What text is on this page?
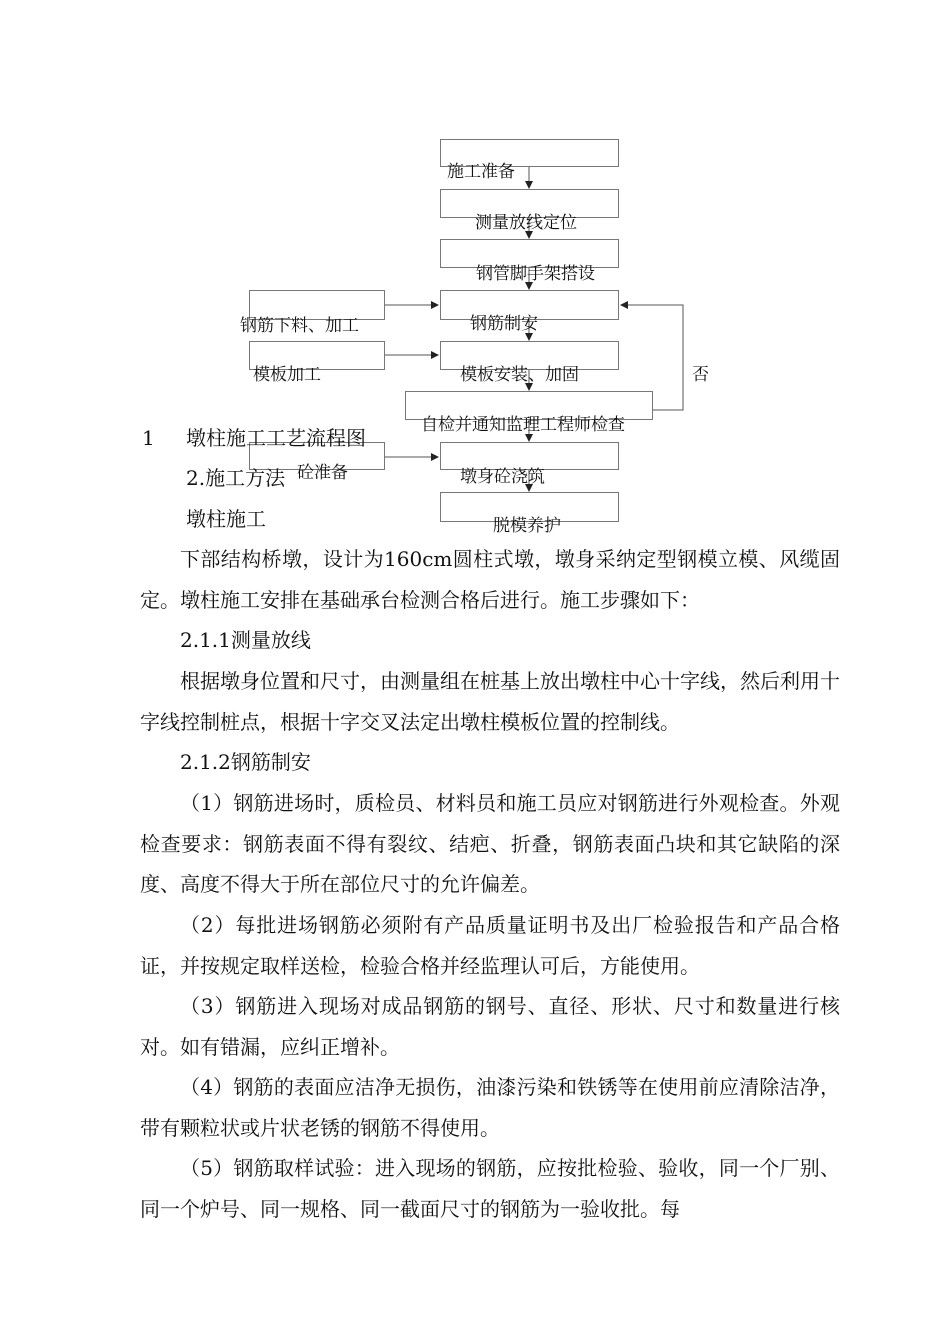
施工准备
测量放线定位
钢管脚手架搭设
钢筋制安
模板安装、加固
自检并通知监理工程师检查
墩身砼浇筑
脱模养护
钢筋下料、加工
模板加工
砼准备
否
1 墩柱施工工艺流程图
2.施工方法
墩柱施工

下部结构桥墩，设计为160cm圆柱式墩，墩身采纳定型钢模立模、风缆固定。墩柱施工安排在基础承台检测合格后进行。施工步骤如下：

2.1.1测量放线

根据墩身位置和尺寸，由测量组在桩基上放出墩柱中心十字线，然后利用十字线控制桩点，根据十字交叉法定出墩柱模板位置的控制线。

2.1.2钢筋制安

（1）钢筋进场时，质检员、材料员和施工员应对钢筋进行外观检查。外观检查要求：钢筋表面不得有裂纹、结疤、折叠，钢筋表面凸块和其它缺陷的深度、高度不得大于所在部位尺寸的允许偏差。

（2）每批进场钢筋必须附有产品质量证明书及出厂检验报告和产品合格证，并按规定取样送检，检验合格并经监理认可后，方能使用。

（3）钢筋进入现场对成品钢筋的钢号、直径、形状、尺寸和数量进行核对。如有错漏，应纠正增补。

（4）钢筋的表面应洁净无损伤，油漆污染和铁锈等在使用前应清除洁净，带有颗粒状或片状老锈的钢筋不得使用。

（5）钢筋取样试验：进入现场的钢筋，应按批检验、验收，同一个厂别、同一个炉号、同一规格、同一截面尺寸的钢筋为一验收批。每
